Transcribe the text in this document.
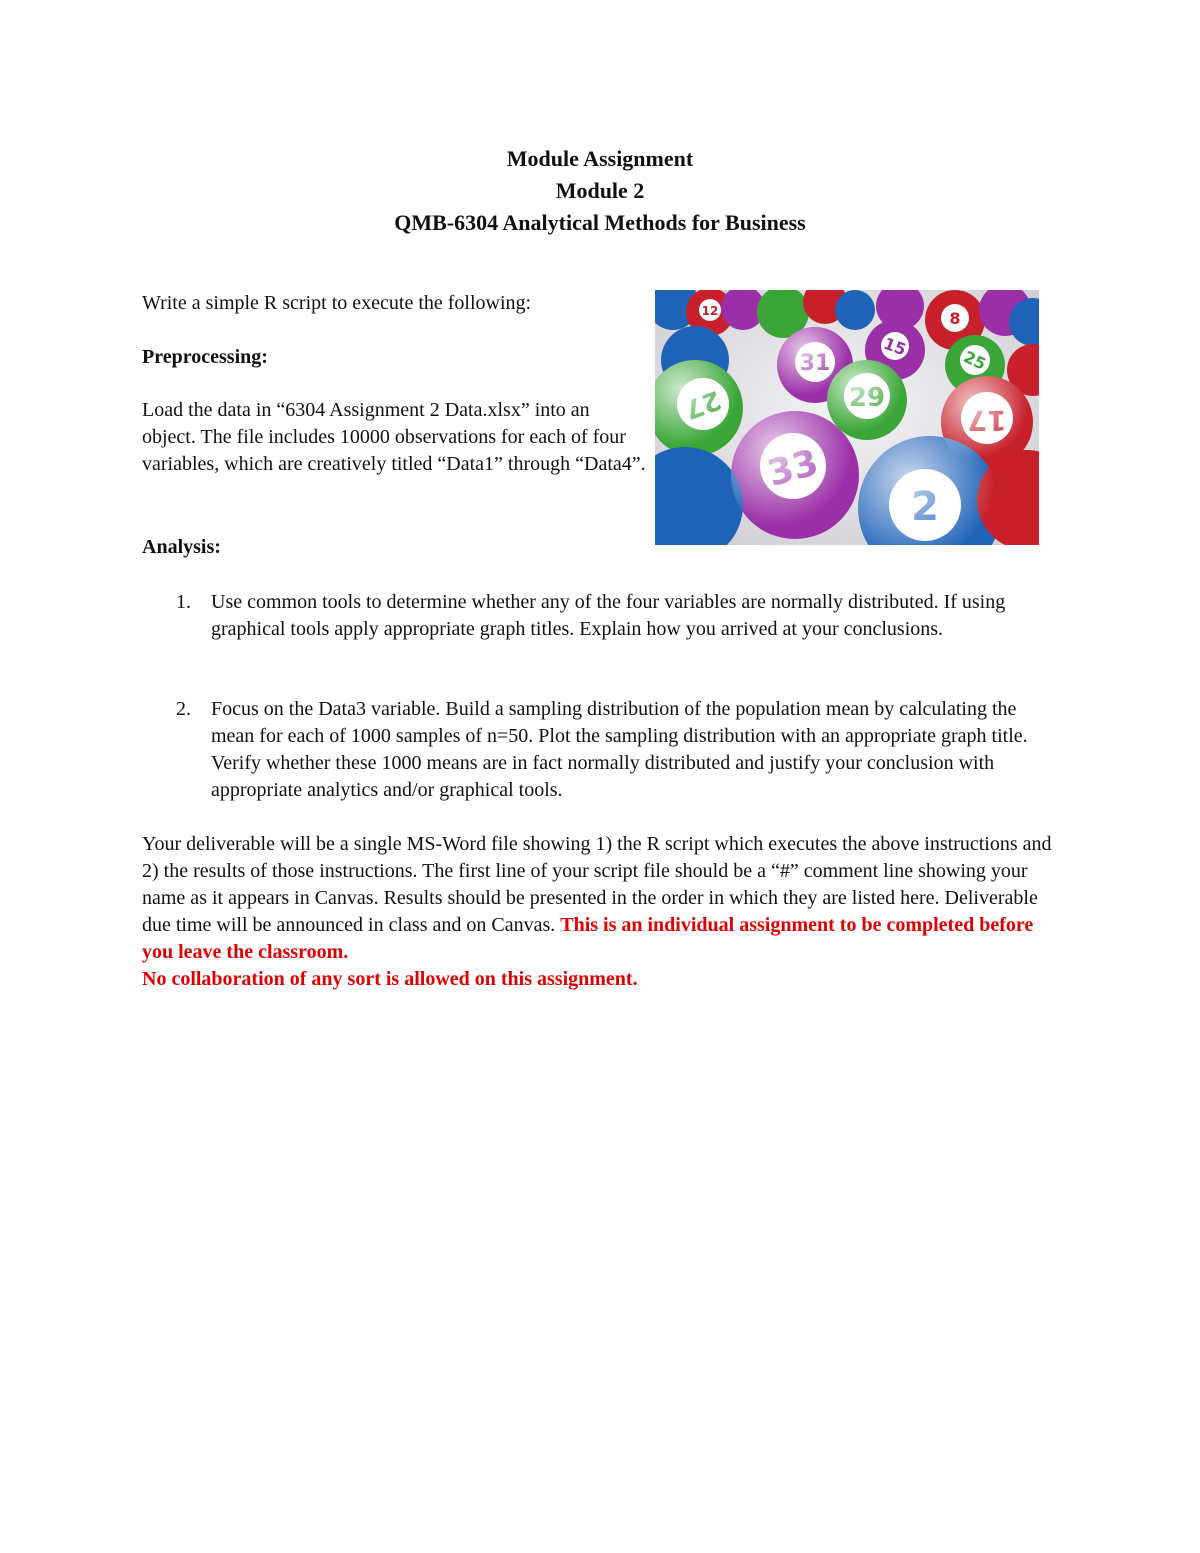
Module Assignment
Module 2
QMB-6304 Analytical Methods for Business

Write a simple R script to execute the following:

Preprocessing:

Load the data in “6304 Assignment 2 Data.xlsx” into an object. The file includes 10000 observations for each of four variables, which are creatively titled “Data1” through “Data4”.

Analysis:

1. Use common tools to determine whether any of the four variables are normally distributed. If using graphical tools apply appropriate graph titles. Explain how you arrived at your conclusions.
2. Focus on the Data3 variable. Build a sampling distribution of the population mean by calculating the mean for each of 1000 samples of n=50. Plot the sampling distribution with an appropriate graph title. Verify whether these 1000 means are in fact normally distributed and justify your conclusion with appropriate analytics and/or graphical tools.

Your deliverable will be a single MS-Word file showing 1) the R script which executes the above instructions and 2) the results of those instructions. The first line of your script file should be a “#” comment line showing your name as it appears in Canvas. Results should be presented in the order in which they are listed here. Deliverable due time will be announced in class and on Canvas. This is an individual assignment to be completed before you leave the classroom.
No collaboration of any sort is allowed on this assignment.

8
25
15
12
